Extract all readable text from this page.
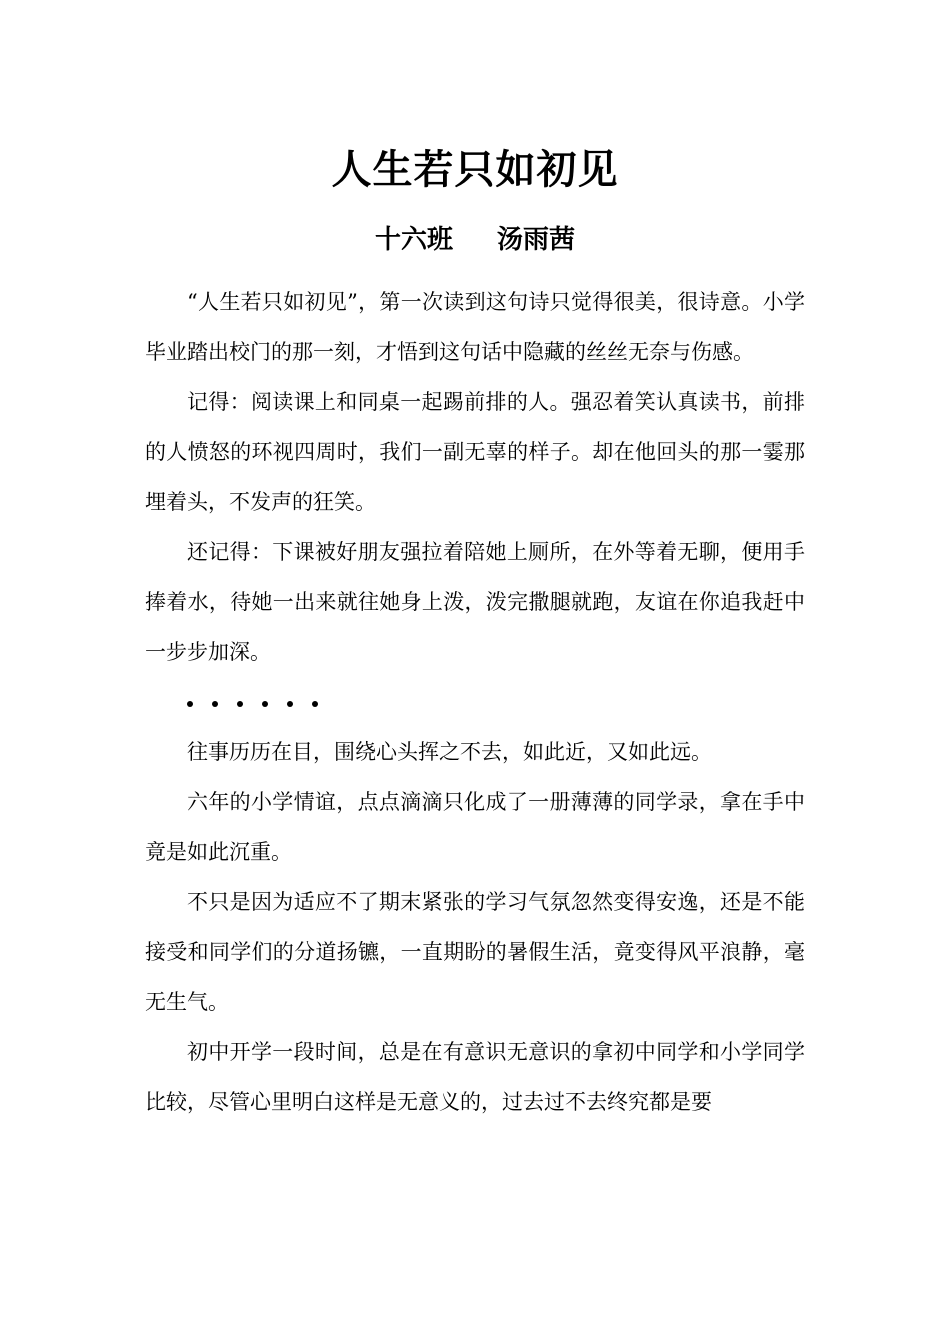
人生若只如初见
十六班 汤雨茜

“人生若只如初见”，第一次读到这句诗只觉得很美，很诗意。小学毕业踏出校门的那一刻，才悟到这句话中隐藏的丝丝无奈与伤感。

记得：阅读课上和同桌一起踢前排的人。强忍着笑认真读书，前排的人愤怒的环视四周时，我们一副无辜的样子。却在他回头的那一霎那埋着头，不发声的狂笑。

还记得：下课被好朋友强拉着陪她上厕所，在外等着无聊，便用手捧着水，待她一出来就往她身上泼，泼完撒腿就跑，友谊在你追我赶中一步步加深。

往事历历在目，围绕心头挥之不去，如此近，又如此远。

六年的小学情谊，点点滴滴只化成了一册薄薄的同学录，拿在手中竟是如此沉重。

不只是因为适应不了期末紧张的学习气氛忽然变得安逸，还是不能接受和同学们的分道扬镳，一直期盼的暑假生活，竟变得风平浪静，毫无生气。

初中开学一段时间，总是在有意识无意识的拿初中同学和小学同学比较，尽管心里明白这样是无意义的，过去过不去终究都是要
